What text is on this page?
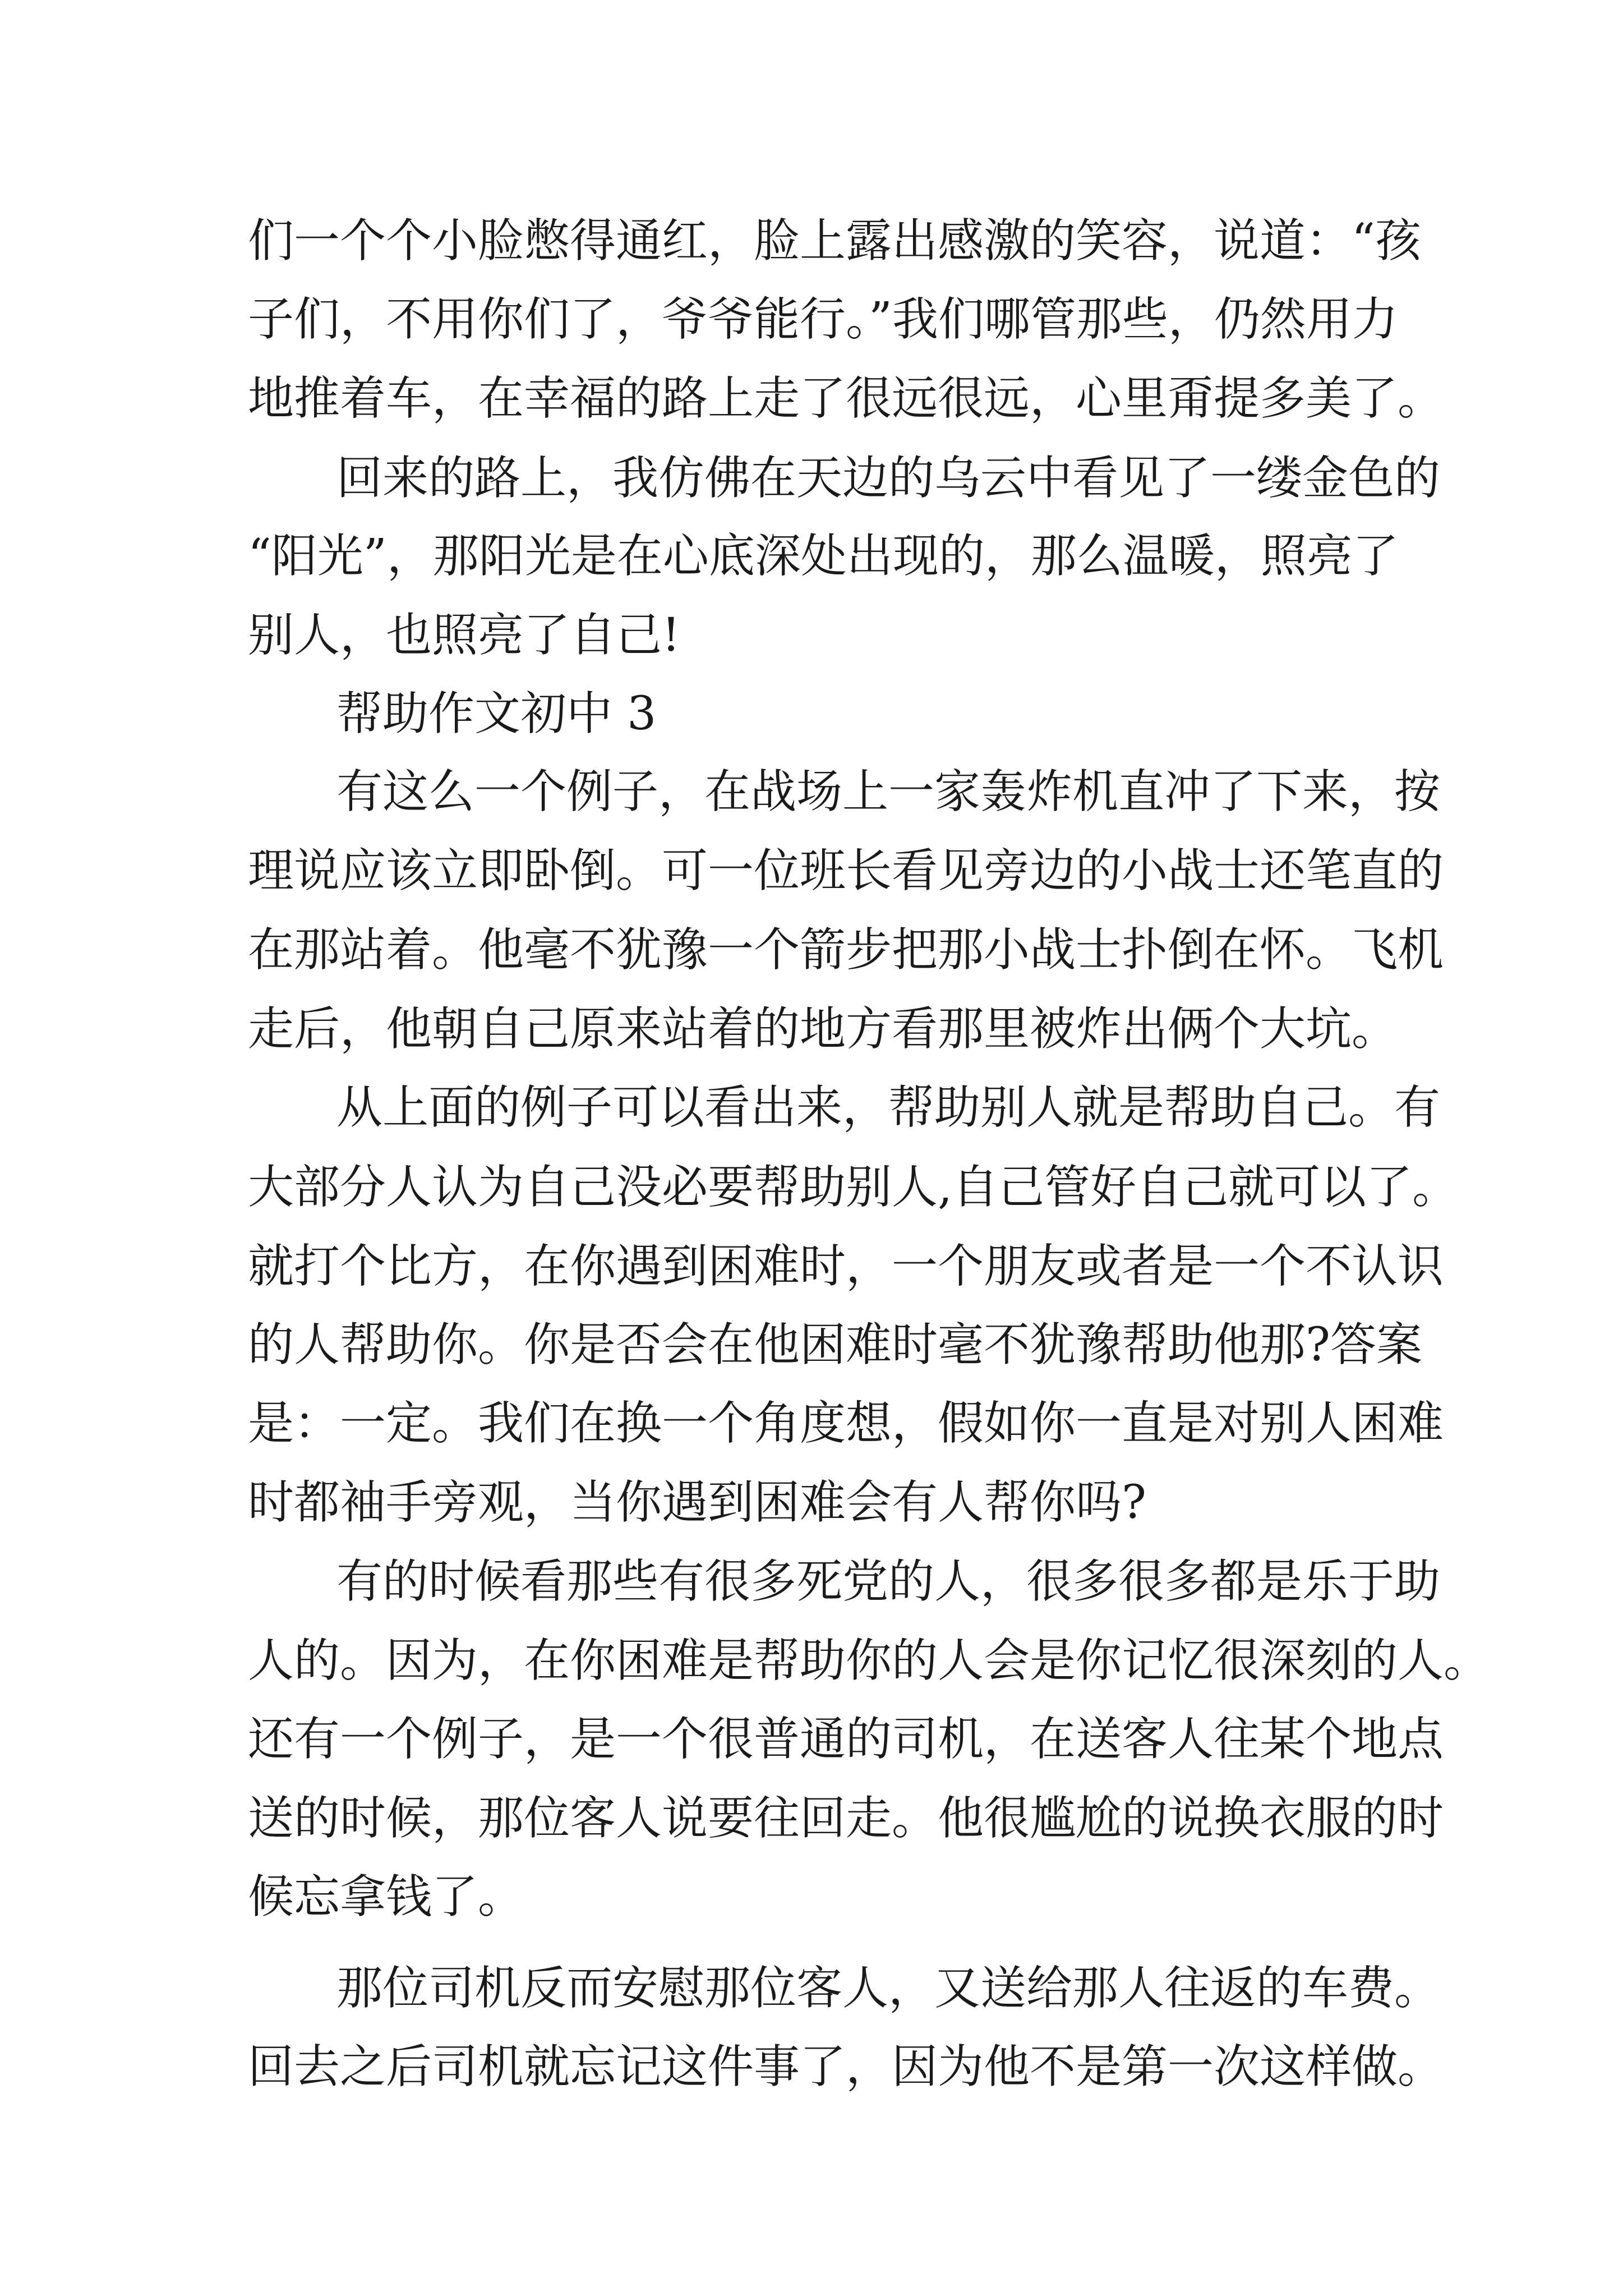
们一个个小脸憋得通红，脸上露出感激的笑容，说道：“孩
子们，不用你们了，爷爷能行。”我们哪管那些，仍然用力
地推着车，在幸福的路上走了很远很远，心里甭提多美了。
回来的路上，我仿佛在天边的乌云中看见了一缕金色的
“阳光”，那阳光是在心底深处出现的，那么温暖，照亮了
别人，也照亮了自己!
帮助作文初中 3
有这么一个例子，在战场上一家轰炸机直冲了下来，按
理说应该立即卧倒。可一位班长看见旁边的小战士还笔直的
在那站着。他毫不犹豫一个箭步把那小战士扑倒在怀。飞机
走后，他朝自己原来站着的地方看那里被炸出俩个大坑。
从上面的例子可以看出来，帮助别人就是帮助自己。有
大部分人认为自己没必要帮助别人,自己管好自己就可以了。
就打个比方，在你遇到困难时，一个朋友或者是一个不认识
的人帮助你。你是否会在他困难时毫不犹豫帮助他那?答案
是：一定。我们在换一个角度想，假如你一直是对别人困难
时都袖手旁观，当你遇到困难会有人帮你吗?
有的时候看那些有很多死党的人，很多很多都是乐于助
人的。因为，在你困难是帮助你的人会是你记忆很深刻的人。
还有一个例子，是一个很普通的司机，在送客人往某个地点
送的时候，那位客人说要往回走。他很尴尬的说换衣服的时
候忘拿钱了。
那位司机反而安慰那位客人，又送给那人往返的车费。
回去之后司机就忘记这件事了，因为他不是第一次这样做。
